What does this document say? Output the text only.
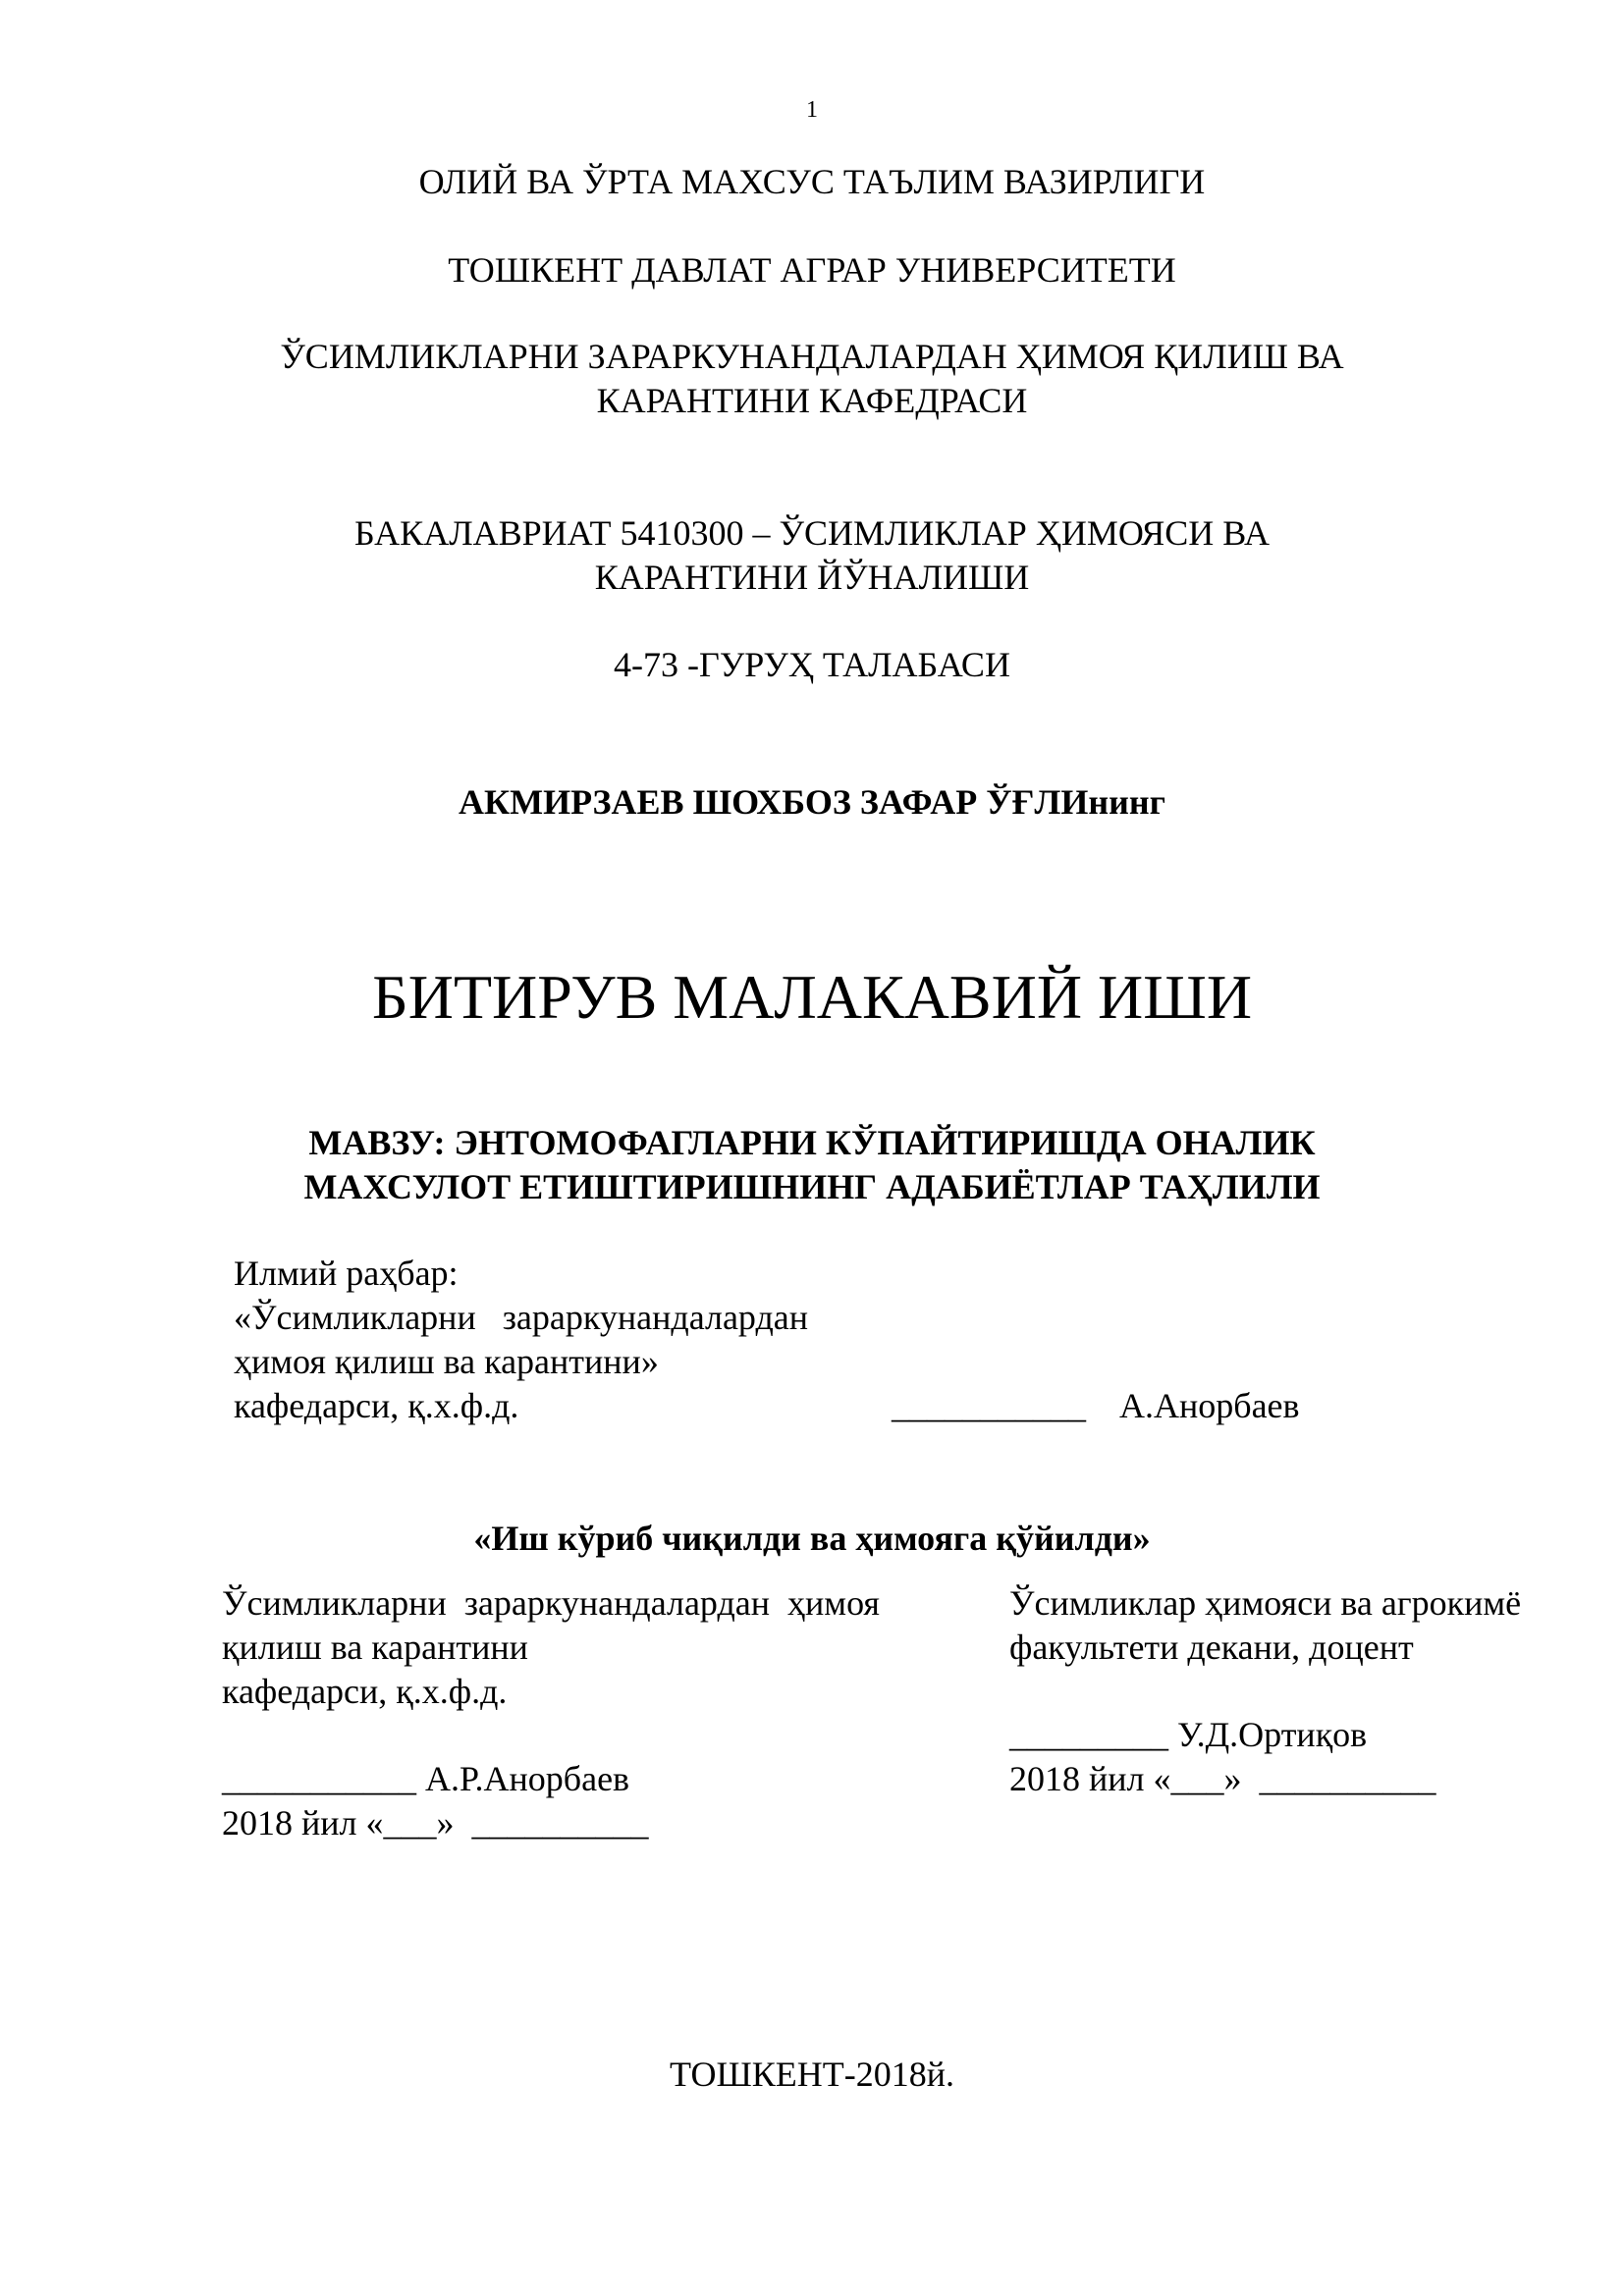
1
ОЛИЙ ВА ЎРТА МАХСУС ТАЪЛИМ ВАЗИРЛИГИ
ТОШКЕНТ ДАВЛАТ АГРАР УНИВЕРСИТЕТИ
ЎСИМЛИКЛАРНИ ЗАРАРКУНАНДАЛАРДАН ҲИМОЯ ҚИЛИШ ВА
КАРАНТИНИ КАФЕДРАСИ
БАКАЛАВРИАТ 5410300 – ЎСИМЛИКЛАР ҲИМОЯСИ ВА
КАРАНТИНИ ЙЎНАЛИШИ
4-73 -ГУРУҲ ТАЛАБАСИ
АКМИРЗАЕВ ШОХБОЗ ЗАФАР ЎҒЛИнинг
БИТИРУВ МАЛАКАВИЙ ИШИ
МАВЗУ: ЭНТОМОФАГЛАРНИ КЎПАЙТИРИШДА ОНАЛИК
МАХСУЛОТ ЕТИШТИРИШНИНГ АДАБИЁТЛАР ТАҲЛИЛИ
Илмий раҳбар:
«Ўсимликларни   зараркунандалардан
ҳимоя қилиш ва карантини»
кафедарси, қ.х.ф.д.	___________ А.Анорбаев
«Иш кўриб чиқилди ва ҳимояга қўйилди»
Ўсимликларни  зараркунандалардан  ҳимоя
қилиш ва карантини
кафедарси, қ.х.ф.д.
___________ А.Р.Анорбаев
2018 йил «___»  __________
Ўсимликлар ҳимояси ва агрокимё
факультети декани, доцент
_________ У.Д.Ортиқов
2018 йил «___»  __________
ТОШКЕНТ-2018й.
